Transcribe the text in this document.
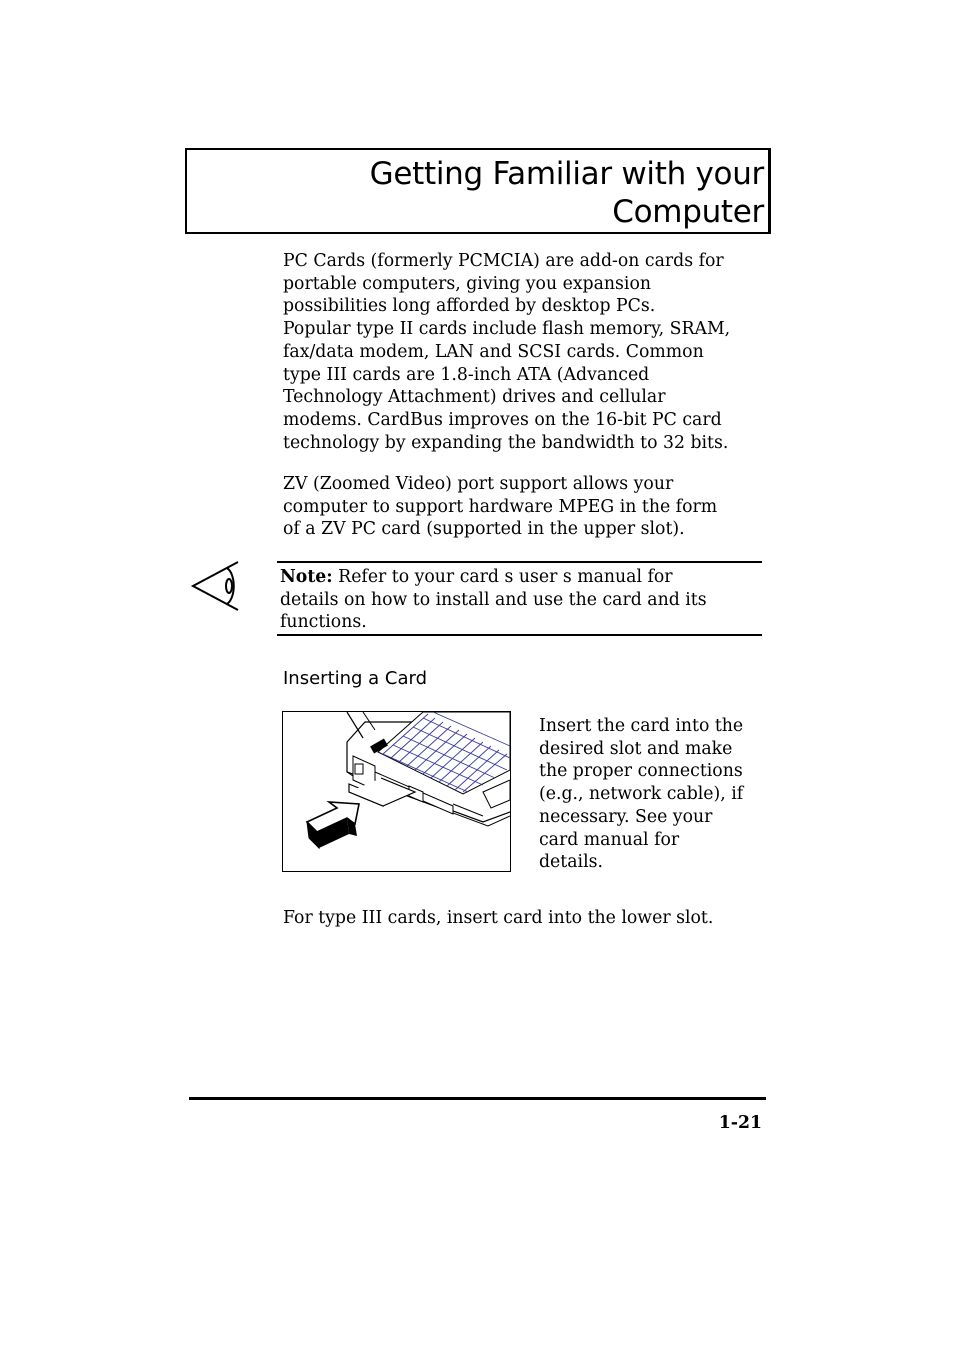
Getting Familiar with your
Computer
PC Cards (formerly PCMCIA) are add-on cards for
portable computers, giving you expansion
possibilities long afforded by desktop PCs.
Popular type II cards include flash memory, SRAM,
fax/data modem, LAN and SCSI cards. Common
type III cards are 1.8-inch ATA (Advanced
Technology Attachment) drives and cellular
modems. CardBus improves on the 16-bit PC card
technology by expanding the bandwidth to 32 bits.
ZV (Zoomed Video) port support allows your
computer to support hardware MPEG in the form
of a ZV PC card (supported in the upper slot).
Note: Refer to your card s user s manual for
details on how to install and use the card and its
functions.
Inserting a Card
Insert the card into the
desired slot and make
the proper connections
(e.g., network cable), if
necessary. See your
card manual for
details.
For type III cards, insert card into the lower slot.
1-21
